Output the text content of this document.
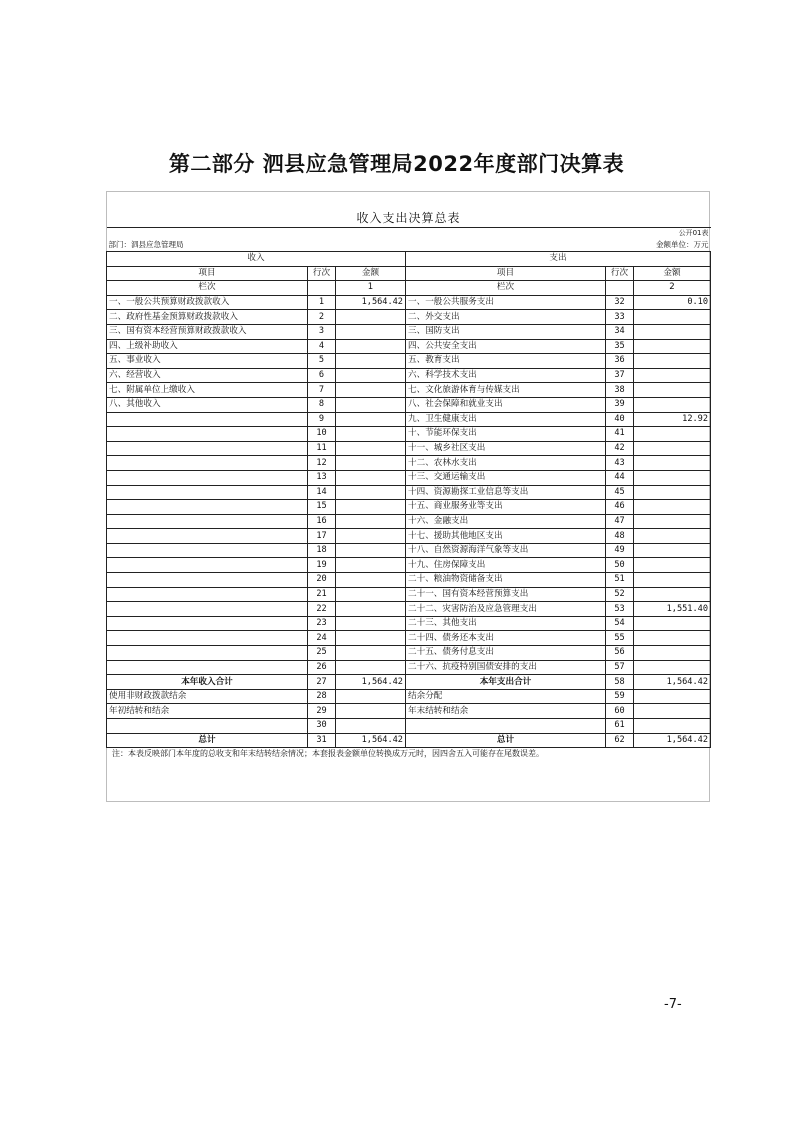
第二部分 泗县应急管理局2022年度部门决算表
收入支出决算总表					
					公开01表
部门：泗县应急管理局					金额单位：万元
收入			支出		
项目	行次	金额	项目	行次	金额
栏次		1	栏次		2
一、一般公共预算财政拨款收入	1	1,564.42	一、一般公共服务支出	32	0.10
二、政府性基金预算财政拨款收入	2		二、外交支出	33	
三、国有资本经营预算财政拨款收入	3		三、国防支出	34	
四、上级补助收入	4		四、公共安全支出	35	
五、事业收入	5		五、教育支出	36	
六、经营收入	6		六、科学技术支出	37	
七、附属单位上缴收入	7		七、文化旅游体育与传媒支出	38	
八、其他收入	8		八、社会保障和就业支出	39	
	9		九、卫生健康支出	40	12.92
	10		十、节能环保支出	41	
	11		十一、城乡社区支出	42	
	12		十二、农林水支出	43	
	13		十三、交通运输支出	44	
	14		十四、资源勘探工业信息等支出	45	
	15		十五、商业服务业等支出	46	
	16		十六、金融支出	47	
	17		十七、援助其他地区支出	48	
	18		十八、自然资源海洋气象等支出	49	
	19		十九、住房保障支出	50	
	20		二十、粮油物资储备支出	51	
	21		二十一、国有资本经营预算支出	52	
	22		二十二、灾害防治及应急管理支出	53	1,551.40
	23		二十三、其他支出	54	
	24		二十四、债务还本支出	55	
	25		二十五、债务付息支出	56	
	26		二十六、抗疫特别国债安排的支出	57	
本年收入合计	27	1,564.42	本年支出合计	58	1,564.42
使用非财政拨款结余	28		结余分配	59	
年初结转和结余	29		年末结转和结余	60	
	30			61	
总计	31	1,564.42	总计	62	1,564.42
注：本表反映部门本年度的总收支和年末结转结余情况；本套报表金额单位转换成万元时，因四舍五入可能存在尾数误差。
-7-
